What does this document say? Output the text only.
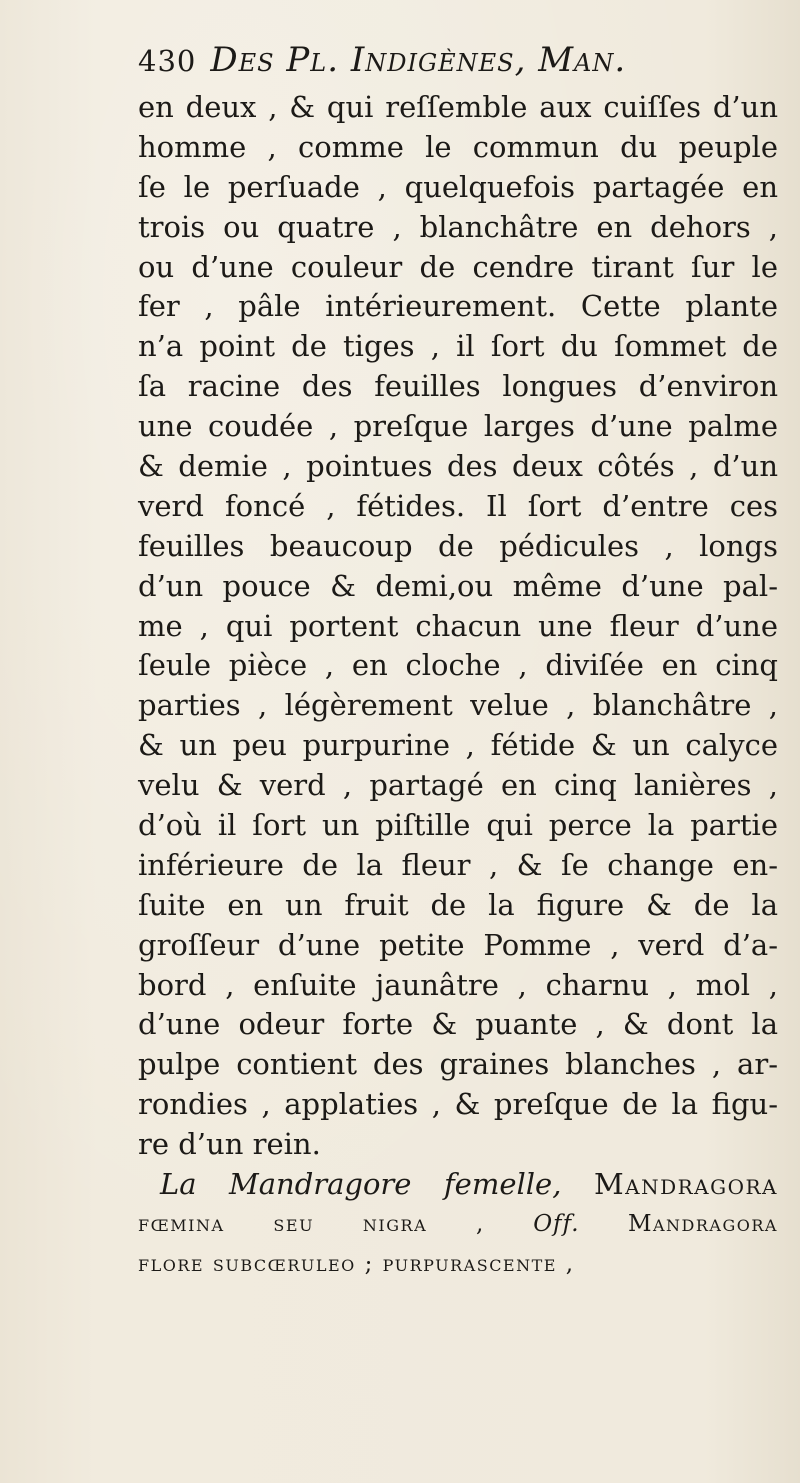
430 Des Pl. Indigènes, Man.
en deux , & qui reſſemble aux cuiſſes d’un
homme , comme le commun du peuple
ſe le perſuade , quelquefois partagée en
trois ou quatre , blanchâtre en dehors ,
ou d’une couleur de cendre tirant ſur le
fer , pâle intérieurement. Cette plante
n’a point de tiges , il ſort du ſommet de
ſa racine des feuilles longues d’environ
une coudée , preſque larges d’une palme
& demie , pointues des deux côtés , d’un
verd foncé , fétides. Il ſort d’entre ces
feuilles beaucoup de pédicules , longs
d’un pouce & demi,ou même d’une pal-
me , qui portent chacun une fleur d’une
ſeule pièce , en cloche , diviſée en cinq
parties , légèrement velue , blanchâtre ,
& un peu purpurine , fétide & un calyce
velu & verd , partagé en cinq lanières ,
d’où il ſort un piſtille qui perce la partie
inférieure de la fleur , & ſe change en-
ſuite en un fruit de la figure & de la
groſſeur d’une petite Pomme , verd d’a-
bord , enſuite jaunâtre , charnu , mol ,
d’une odeur forte & puante , & dont la
pulpe contient des graines blanches , ar-
rondies , applaties , & preſque de la figu-
re d’un rein.
La Mandragore femelle, Mandragora
fœmina ſeu nigra , Off. Mandragora
flore subcœruleo ; purpurascente ,
